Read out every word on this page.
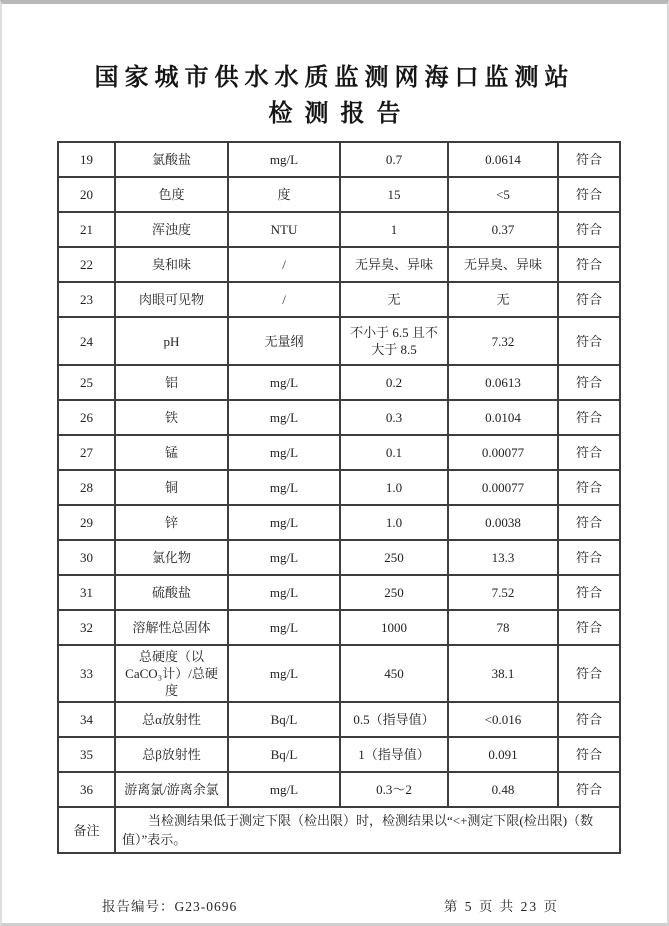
国家城市供水水质监测网海口监测站
检测报告
19	氯酸盐	mg/L	0.7	0.0614	符合
20	色度	度	15	<5	符合
21	浑浊度	NTU	1	0.37	符合
22	臭和味	/	无异臭、异味	无异臭、异味	符合
23	肉眼可见物	/	无	无	符合
24	pH	无量纲	不小于 6.5 且不大于 8.5	7.32	符合
25	铝	mg/L	0.2	0.0613	符合
26	铁	mg/L	0.3	0.0104	符合
27	锰	mg/L	0.1	0.00077	符合
28	铜	mg/L	1.0	0.00077	符合
29	锌	mg/L	1.0	0.0038	符合
30	氯化物	mg/L	250	13.3	符合
31	硫酸盐	mg/L	250	7.52	符合
32	溶解性总固体	mg/L	1000	78	符合
33	总硬度（以 CaCO₃计）/总硬度	mg/L	450	38.1	符合
34	总α放射性	Bq/L	0.5（指导值）	<0.016	符合
35	总β放射性	Bq/L	1（指导值）	0.091	符合
36	游离氯/游离余氯	mg/L	0.3～2	0.48	符合
备注	当检测结果低于测定下限（检出限）时，检测结果以“<+测定下限(检出限)（数值）”表示。				

报告编号：G23-0696	第 5 页 共 23 页
